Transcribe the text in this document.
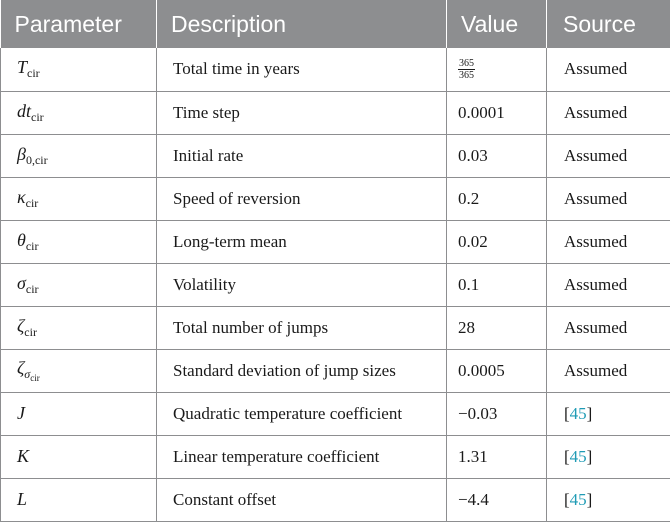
Parameter	Description	Value	Source
$T_{cir}$	Total time in years	$\frac{365}{365}$	Assumed
$dt_{cir}$	Time step	0.0001	Assumed
$\beta_{0,cir}$	Initial rate	0.03	Assumed
$\kappa_{cir}$	Speed of reversion	0.2	Assumed
$\theta_{cir}$	Long-term mean	0.02	Assumed
$\sigma_{cir}$	Volatility	0.1	Assumed
$\zeta_{cir}$	Total number of jumps	28	Assumed
$\zeta_{\sigma_{cir}}$	Standard deviation of jump sizes	0.0005	Assumed
J	Quadratic temperature coefficient	−0.03	[45]
K	Linear temperature coefficient	1.31	[45]
L	Constant offset	−4.4	[45]
